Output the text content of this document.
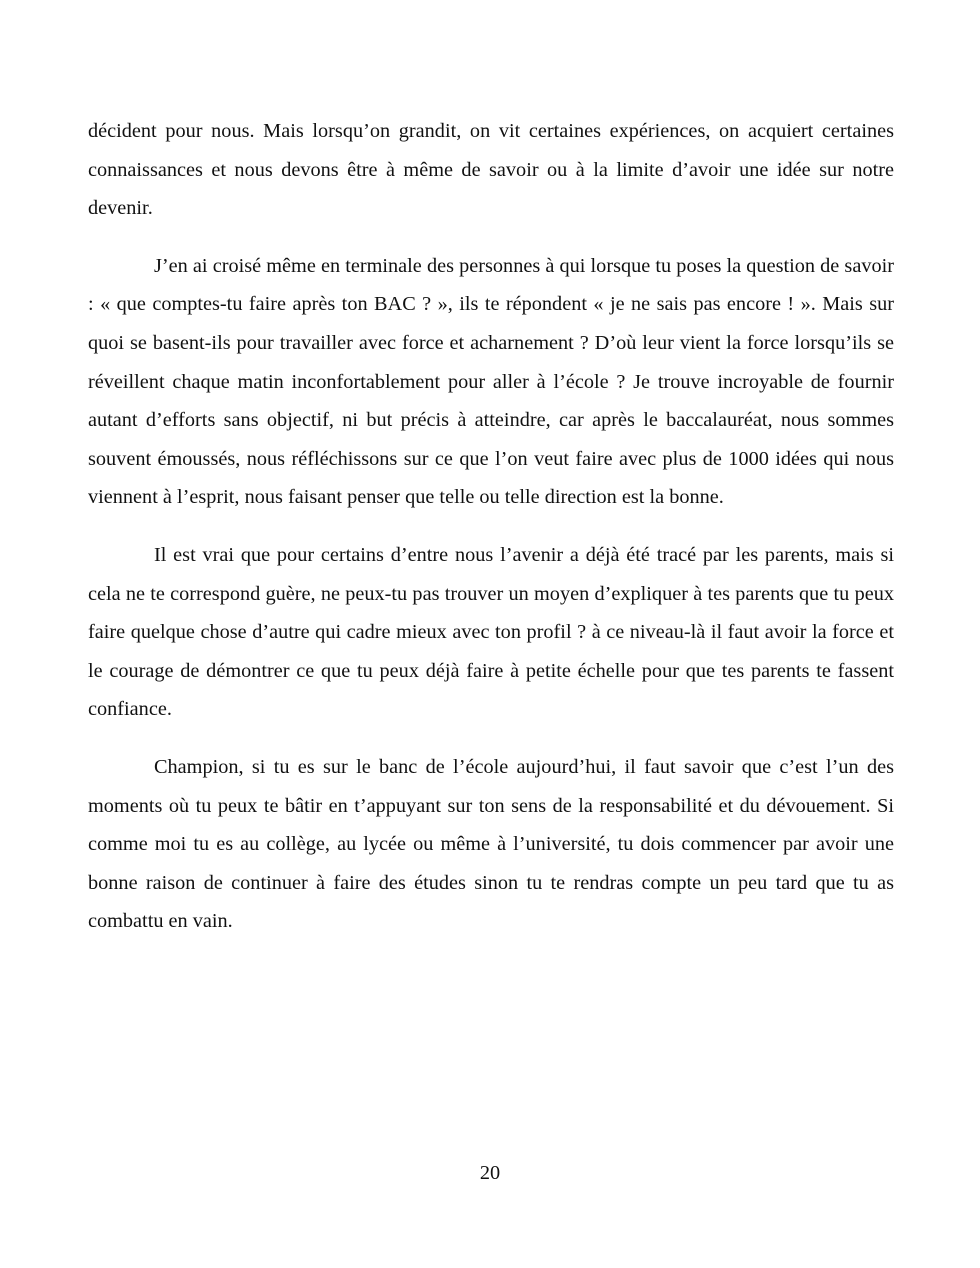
décident pour nous. Mais lorsqu’on grandit, on vit certaines expériences, on acquiert certaines connaissances et nous devons être à même de savoir ou à la limite d’avoir une idée sur notre devenir.

J’en ai croisé même en terminale des personnes à qui lorsque tu poses la question de savoir : « que comptes-tu faire après ton BAC ? », ils te répondent « je ne sais pas encore ! ». Mais sur quoi se basent-ils pour travailler avec force et acharnement ? D’où leur vient la force lorsqu’ils se réveillent chaque matin inconfortablement pour aller à l’école ? Je trouve incroyable de fournir autant d’efforts sans objectif, ni but précis à atteindre, car après le baccalauréat, nous sommes souvent émoussés, nous réfléchissons sur ce que l’on veut faire avec plus de 1000 idées qui nous viennent à l’esprit, nous faisant penser que telle ou telle direction est la bonne.

Il est vrai que pour certains d’entre nous l’avenir a déjà été tracé par les parents, mais si cela ne te correspond guère, ne peux-tu pas trouver un moyen d’expliquer à tes parents que tu peux faire quelque chose d’autre qui cadre mieux avec ton profil ? à ce niveau-là il faut avoir la force et le courage de démontrer ce que tu peux déjà faire à petite échelle pour que tes parents te fassent confiance.

Champion, si tu es sur le banc de l’école aujourd’hui, il faut savoir que c’est l’un des moments où tu peux te bâtir en t’appuyant sur ton sens de la responsabilité et du dévouement. Si comme moi tu es au collège, au lycée ou même à l’université, tu dois commencer par avoir une bonne raison de continuer à faire des études sinon tu te rendras compte un peu tard que tu as combattu en vain.

20
